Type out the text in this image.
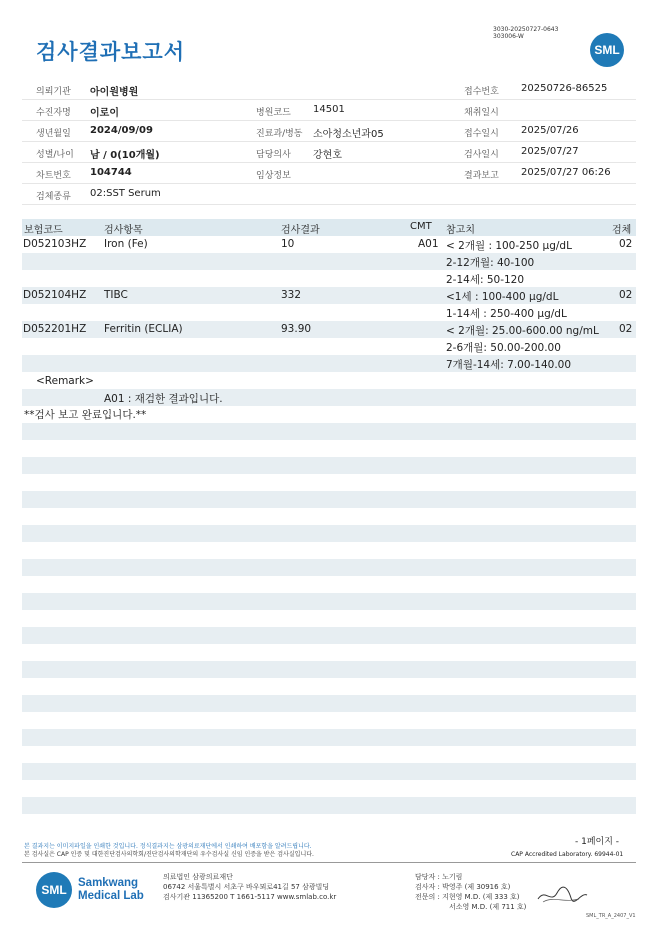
검사결과보고서
3030-20250727-0643
303006-W
SML
의뢰기관 아이원병원	접수번호 20250726-86525
수진자명 이로이	병원코드 14501	채취일시
생년월일 2024/09/09	진료과/병동 소아청소년과05	접수일시 2025/07/26
성별/나이 남 / 0(10개월)	담당의사 강현호	검사일시 2025/07/27
차트번호 104744	임상정보	결과보고 2025/07/27 06:26
검체종류 02:SST Serum
보험코드	검사항목	검사결과	CMT 참고치	검체
D052103HZ Iron (Fe)	10	A01 < 2개월 : 100-250 μg/dL	02
2-12개월: 40-100
2-14세: 50-120
D052104HZ TIBC	332	<1세 : 100-400 μg/dL	02
1-14세 : 250-400 μg/dL
D052201HZ Ferritin (ECLIA)	93.90	< 2개월: 25.00-600.00 ng/mL 02
2-6개월: 50.00-200.00
7개월-14세: 7.00-140.00
<Remark>
A01 : 재검한 결과입니다.
**검사 보고 완료입니다.**
- 1페이지 -
본 결과지는 이미지파일을 인쇄한 것입니다. 정식결과지는 삼광의료재단에서 인쇄하여 배포함을 알려드립니다.
본 검사실은 CAP 인증 및 대한진단검사의학회/진단검사의학재단의 우수검사실 신임 인증을 받은 검사실입니다.	CAP Accredited Laboratory. 69944-01
SML Samkwang
Medical Lab
의료법인 삼광의료재단
06742 서울특별시 서초구 바우뫼로41길 57 삼광빌딩
검사기관 11365200 T 1661-5117 www.smlab.co.kr
담당자 : 노기림
검사자 : 박영주 (제 30916 호)
전문의 : 지현영 M.D. (제 333 호)
서소영 M.D. (제 711 호)
SML_TR_A_2407_V1
